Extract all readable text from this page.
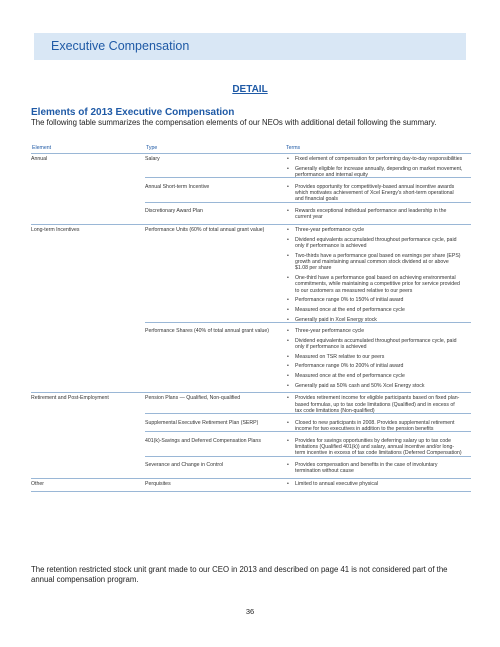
Executive Compensation
DETAIL
Elements of 2013 Executive Compensation
The following table summarizes the compensation elements of our NEOs with additional detail following the summary.
Element	Type	Terms
Annual	Salary	• Fixed element of compensation for performing day-to-day responsibilities
• Generally eligible for increase annually, depending on market movement, performance and internal equity
Annual Short-term Incentive	• Provides opportunity for competitively-based annual incentive awards which motivates achievement of Xcel Energy's short-term operational and financial goals
Discretionary Award Plan	• Rewards exceptional individual performance and leadership in the current year
Long-term Incentives	Performance Units (60% of total annual grant value)	• Three-year performance cycle
• Dividend equivalents accumulated throughout performance cycle, paid only if performance is achieved
• Two-thirds have a performance goal based on earnings per share (EPS) growth and maintaining annual common stock dividend at or above $1.08 per share
• One-third have a performance goal based on achieving environmental commitments, while maintaining a competitive price for service provided to our customers as measured relative to our peers
• Performance range 0% to 150% of initial award
• Measured once at the end of performance cycle
• Generally paid in Xcel Energy stock
Performance Shares (40% of total annual grant value)	• Three-year performance cycle
• Dividend equivalents accumulated throughout performance cycle, paid only if performance is achieved
• Measured on TSR relative to our peers
• Performance range 0% to 200% of initial award
• Measured once at the end of performance cycle
• Generally paid as 50% cash and 50% Xcel Energy stock
Retirement and Post-Employment	Pension Plans — Qualified, Non-qualified	• Provides retirement income for eligible participants based on fixed plan-based formulas, up to tax code limitations (Qualified) and in excess of tax code limitations (Non-qualified)
Supplemental Executive Retirement Plan (SERP)	• Closed to new participants in 2008. Provides supplemental retirement income for two executives in addition to the pension benefits
401(k)-Savings and Deferred Compensation Plans	• Provides for savings opportunities by deferring salary up to tax code limitations (Qualified 401(k)) and salary, annual incentive and/or long-term incentive in excess of tax code limitations (Deferred Compensation)
Severance and Change in Control	• Provides compensation and benefits in the case of involuntary termination without cause
Other	Perquisites	• Limited to annual executive physical
The retention restricted stock unit grant made to our CEO in 2013 and described on page 41 is not considered part of the annual compensation program.
36
